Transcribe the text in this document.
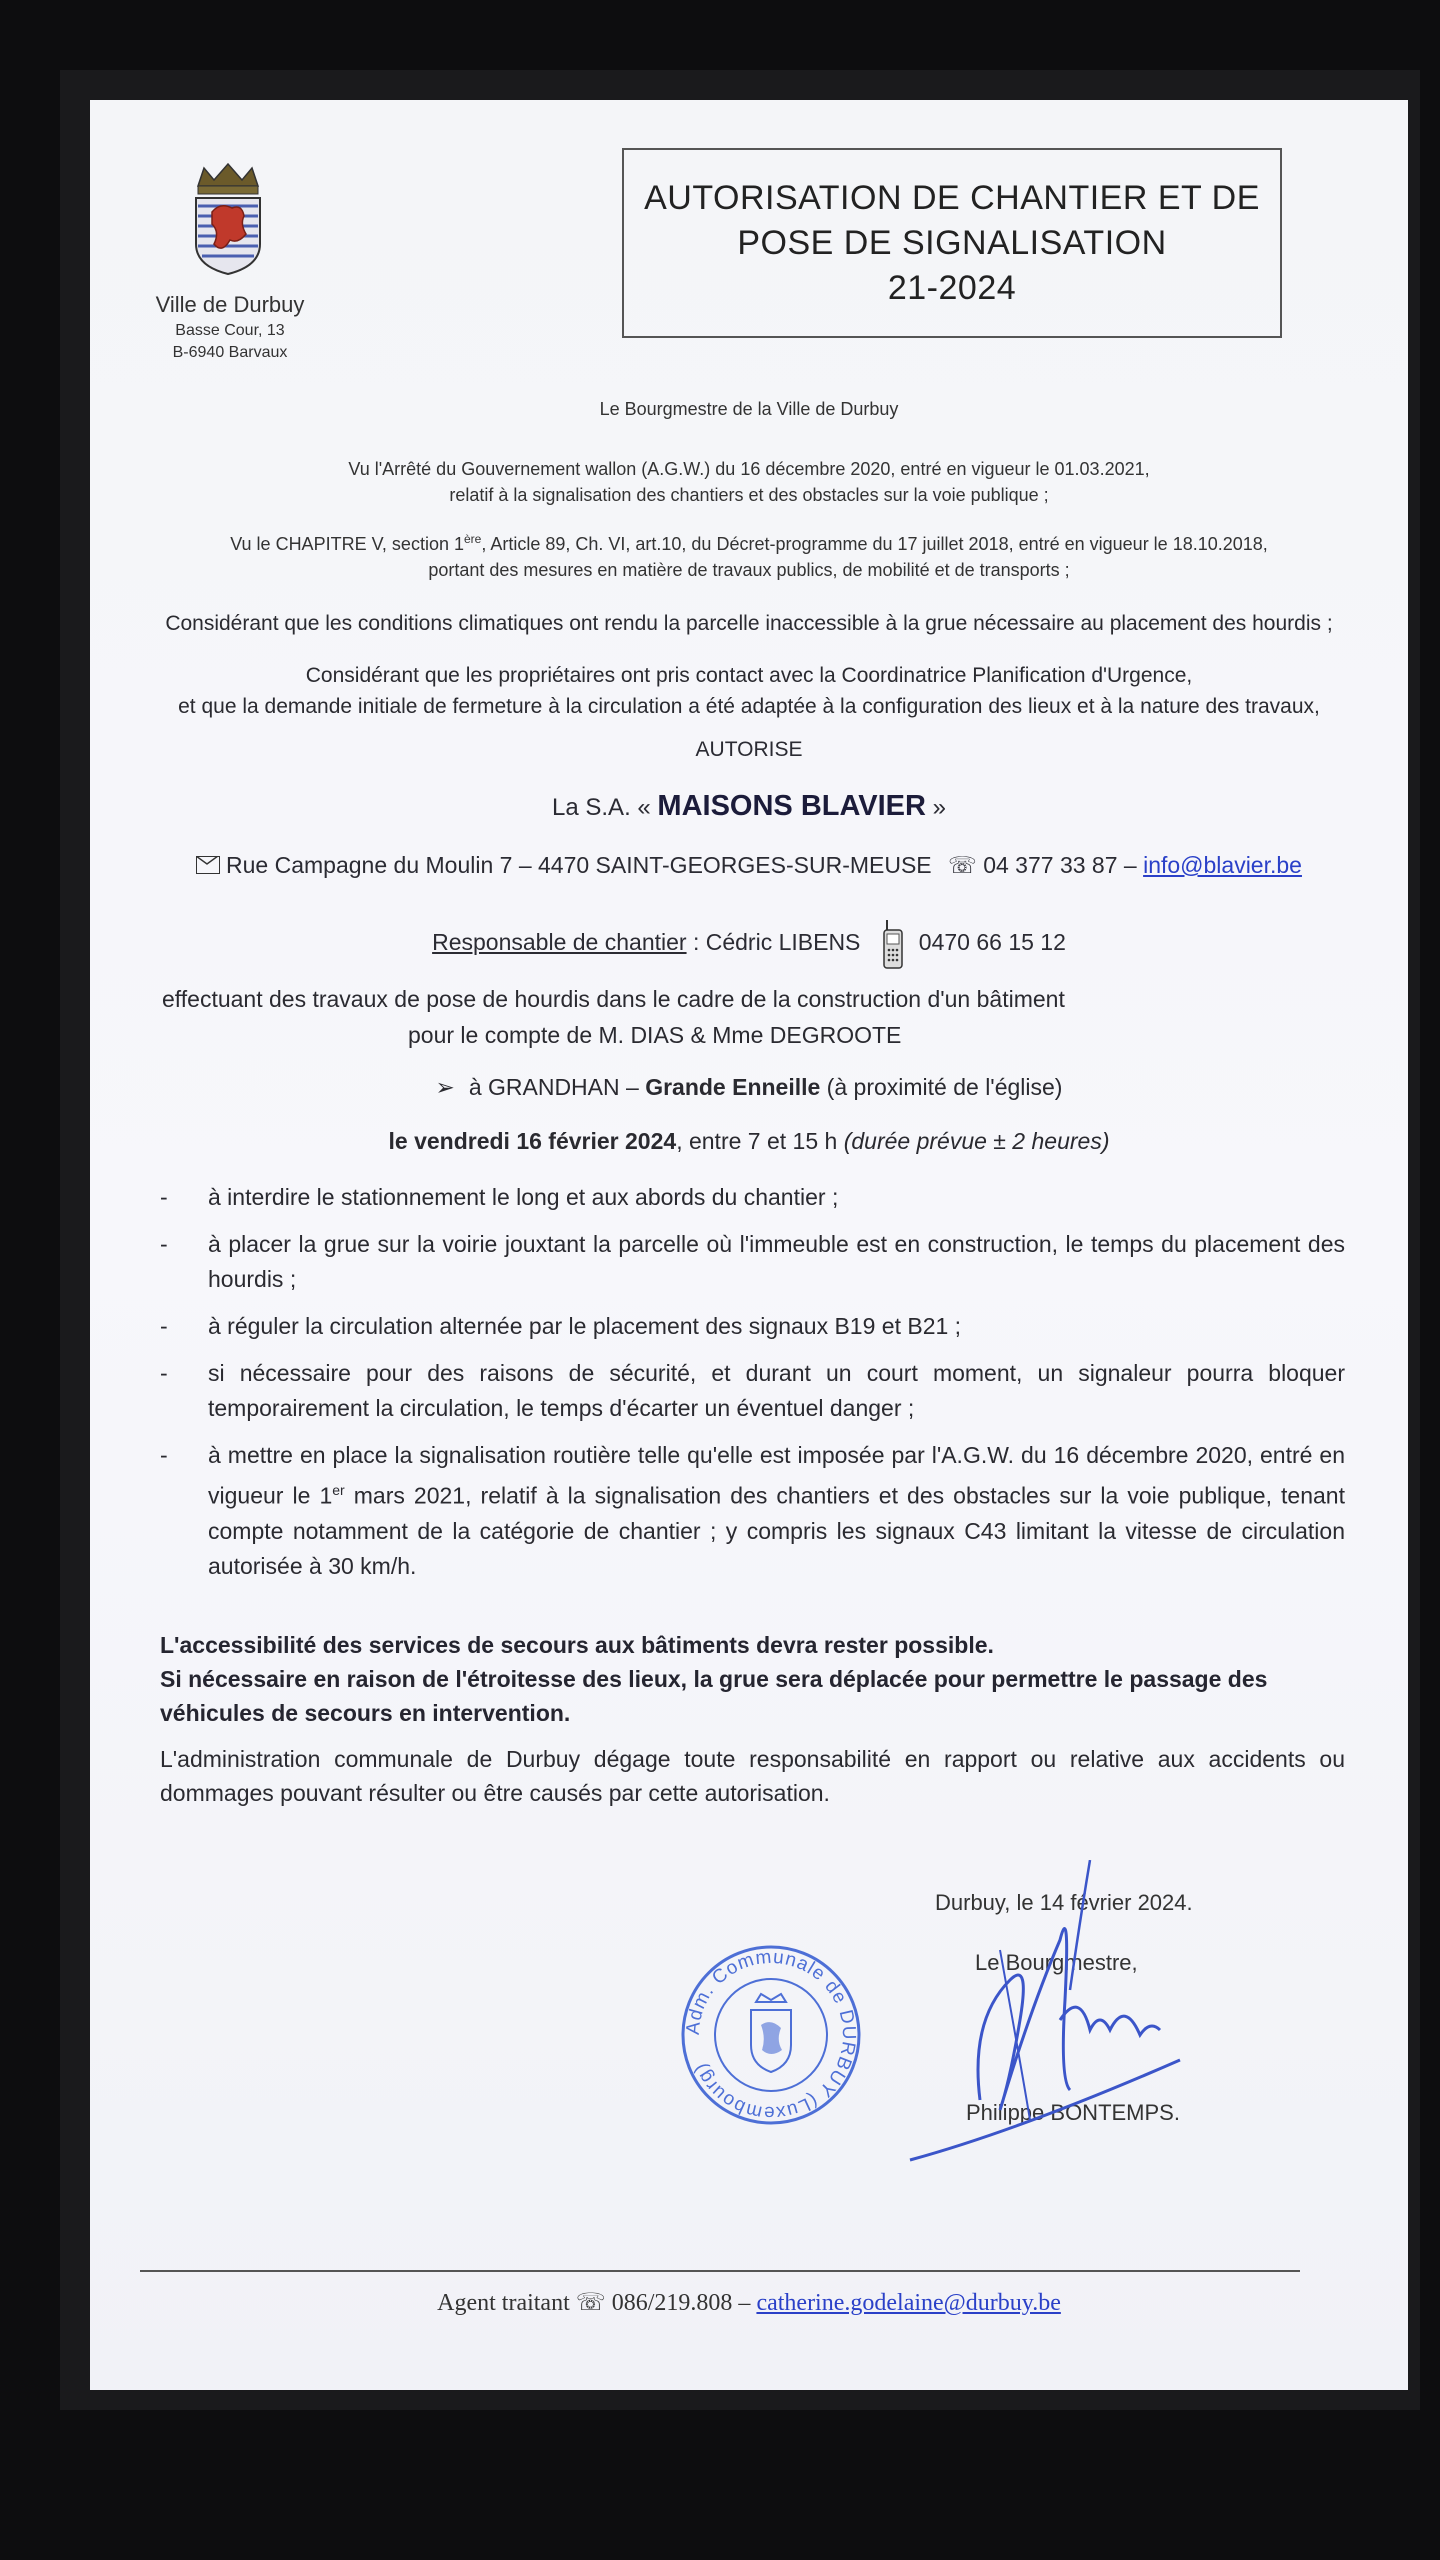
Ville de Durbuy
Basse Cour, 13
B-6940 Barvaux
AUTORISATION DE CHANTIER ET DE
POSE DE SIGNALISATION
21-2024
Le Bourgmestre de la Ville de Durbuy
Vu l'Arrêté du Gouvernement wallon (A.G.W.) du 16 décembre 2020, entré en vigueur le 01.03.2021,
relatif à la signalisation des chantiers et des obstacles sur la voie publique ;
Vu le CHAPITRE V, section 1ère, Article 89, Ch. VI, art.10, du Décret-programme du 17 juillet 2018, entré en vigueur le 18.10.2018,
portant des mesures en matière de travaux publics, de mobilité et de transports ;
Considérant que les conditions climatiques ont rendu la parcelle inaccessible à la grue nécessaire au placement des hourdis ;
Considérant que les propriétaires ont pris contact avec la Coordinatrice Planification d'Urgence,
et que la demande initiale de fermeture à la circulation a été adaptée à la configuration des lieux et à la nature des travaux,
AUTORISE
La S.A. « MAISONS BLAVIER »
Rue Campagne du Moulin 7 – 4470 SAINT-GEORGES-SUR-MEUSE ☏ 04 377 33 87 – info@blavier.be
Responsable de chantier : Cédric LIBENS	0470 66 15 12
effectuant des travaux de pose de hourdis dans le cadre de la construction d'un bâtiment
pour le compte de M. DIAS & Mme DEGROOTE
➢ à GRANDHAN – Grande Enneille (à proximité de l'église)
le vendredi 16 février 2024, entre 7 et 15 h (durée prévue ± 2 heures)
-	à interdire le stationnement le long et aux abords du chantier ;
-	à placer la grue sur la voirie jouxtant la parcelle où l'immeuble est en construction, le temps du placement des hourdis ;
-	à réguler la circulation alternée par le placement des signaux B19 et B21 ;
-	si nécessaire pour des raisons de sécurité, et durant un court moment, un signaleur pourra bloquer temporairement la circulation, le temps d'écarter un éventuel danger ;
-	à mettre en place la signalisation routière telle qu'elle est imposée par l'A.G.W. du 16 décembre 2020, entré en vigueur le 1er mars 2021, relatif à la signalisation des chantiers et des obstacles sur la voie publique, tenant compte notamment de la catégorie de chantier ; y compris les signaux C43 limitant la vitesse de circulation autorisée à 30 km/h.
L'accessibilité des services de secours aux bâtiments devra rester possible.
Si nécessaire en raison de l'étroitesse des lieux, la grue sera déplacée pour permettre le passage des véhicules de secours en intervention.
L'administration communale de Durbuy dégage toute responsabilité en rapport ou relative aux accidents ou dommages pouvant résulter ou être causés par cette autorisation.
Adm. Communale de DURBUY (Luxembourg)
Durbuy, le 14 février 2024.
Le Bourgmestre,
Philippe BONTEMPS.
Agent traitant ☏ 086/219.808 – catherine.godelaine@durbuy.be
